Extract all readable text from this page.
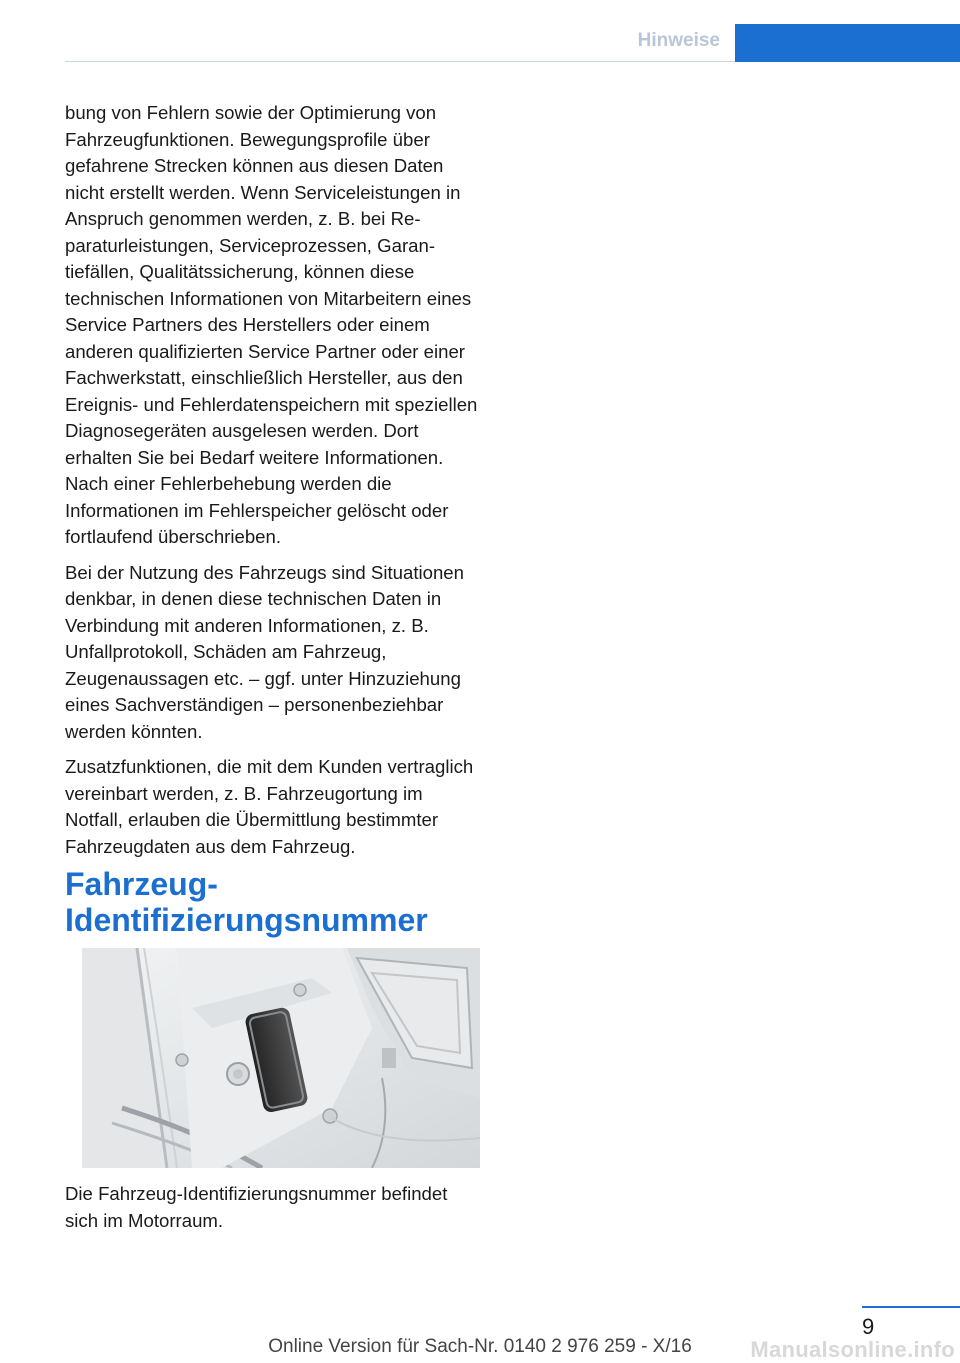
Hinweise

bung von Fehlern sowie der Optimierung von Fahrzeugfunktionen. Bewegungsprofile über gefahrene Strecken können aus diesen Daten nicht erstellt werden. Wenn Serviceleistungen in Anspruch genommen werden, z. B. bei Reparaturleistungen, Serviceprozessen, Garantiefällen, Qualitätssicherung, können diese technischen Informationen von Mitarbeitern eines Service Partners des Herstellers oder einem anderen qualifizierten Service Partner oder einer Fachwerkstatt, einschließlich Hersteller, aus den Ereignis- und Fehlerdatenspeichern mit speziellen Diagnosegeräten ausgelesen werden. Dort erhalten Sie bei Bedarf weitere Informationen. Nach einer Fehlerbehebung werden die Informationen im Fehlerspeicher gelöscht oder fortlaufend überschrieben.

Bei der Nutzung des Fahrzeugs sind Situationen denkbar, in denen diese technischen Daten in Verbindung mit anderen Informationen, z. B. Unfallprotokoll, Schäden am Fahrzeug, Zeugenaussagen etc. – ggf. unter Hinzuziehung eines Sachverständigen – personenbeziehbar werden könnten.

Zusatzfunktionen, die mit dem Kunden vertraglich vereinbart werden, z. B. Fahrzeugortung im Notfall, erlauben die Übermittlung bestimmter Fahrzeugdaten aus dem Fahrzeug.

Fahrzeug-Identifizierungsnummer
Die Fahrzeug-Identifizierungsnummer befindet sich im Motorraum.
9
Online Version für Sach-Nr. 0140 2 976 259 - X/16	Manualsonline.info
